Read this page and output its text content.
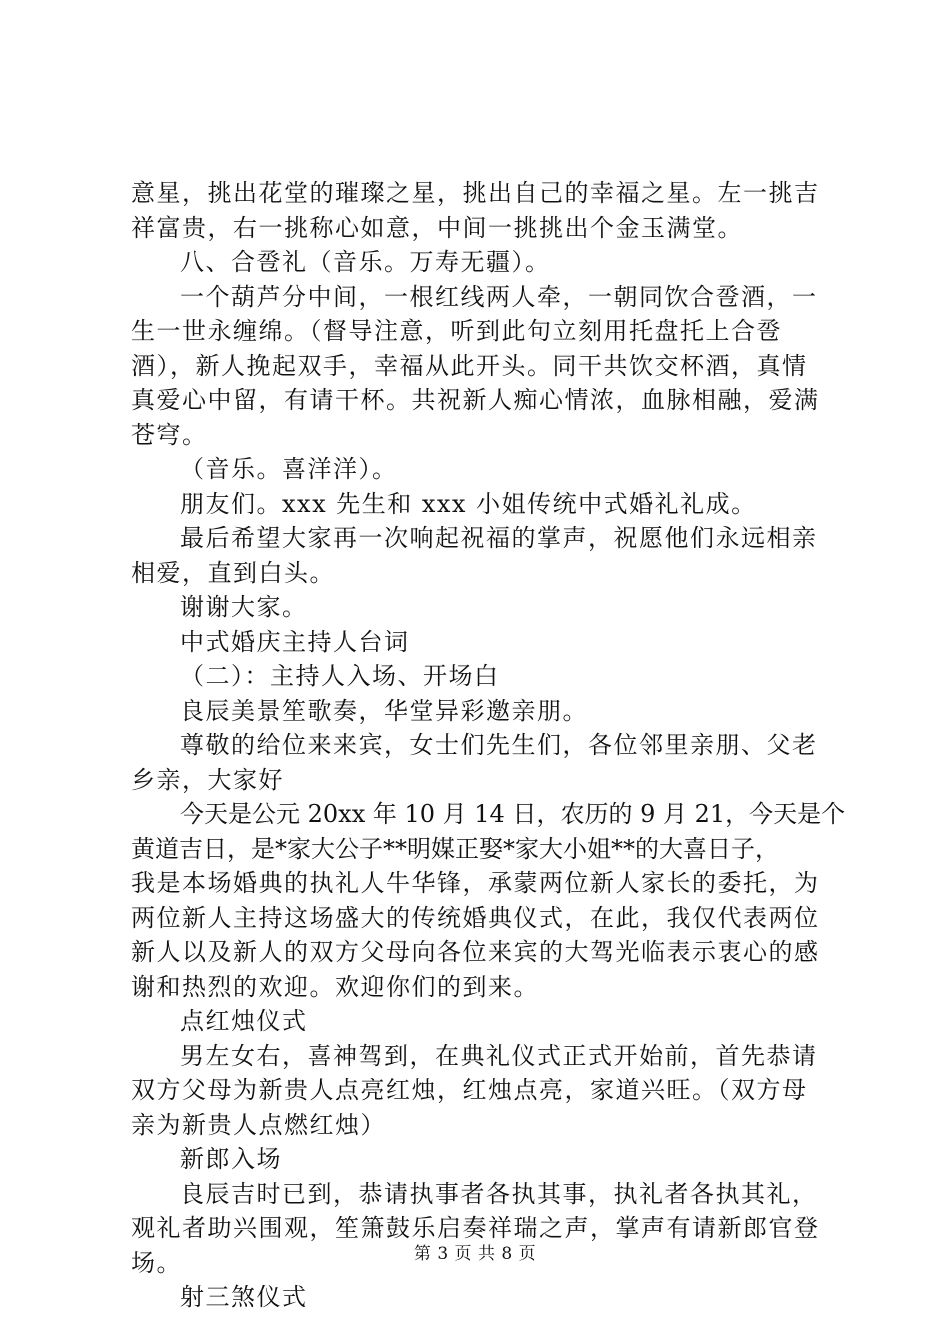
意星，挑出花堂的璀璨之星，挑出自己的幸福之星。左一挑吉
祥富贵，右一挑称心如意，中间一挑挑出个金玉满堂。
八、合卺礼（音乐。万寿无疆）。
一个葫芦分中间，一根红线两人牵，一朝同饮合卺酒，一
生一世永缠绵。（督导注意，听到此句立刻用托盘托上合卺
酒），新人挽起双手，幸福从此开头。同干共饮交杯酒，真情
真爱心中留，有请干杯。共祝新人痴心情浓，血脉相融，爱满
苍穹。
（音乐。喜洋洋）。
朋友们。xxx 先生和 xxx 小姐传统中式婚礼礼成。
最后希望大家再一次响起祝福的掌声，祝愿他们永远相亲
相爱，直到白头。
谢谢大家。
中式婚庆主持人台词
（二）：主持人入场、开场白
良辰美景笙歌奏，华堂异彩邀亲朋。
尊敬的给位来来宾，女士们先生们，各位邻里亲朋、父老
乡亲，大家好
今天是公元 20xx 年 10 月 14 日，农历的 9 月 21，今天是个
黄道吉日，是*家大公子**明媒正娶*家大小姐**的大喜日子，
我是本场婚典的执礼人牛华锋，承蒙两位新人家长的委托，为
两位新人主持这场盛大的传统婚典仪式，在此，我仅代表两位
新人以及新人的双方父母向各位来宾的大驾光临表示衷心的感
谢和热烈的欢迎。欢迎你们的到来。
点红烛仪式
男左女右，喜神驾到，在典礼仪式正式开始前，首先恭请
双方父母为新贵人点亮红烛，红烛点亮，家道兴旺。（双方母
亲为新贵人点燃红烛）
新郎入场
良辰吉时已到，恭请执事者各执其事，执礼者各执其礼，
观礼者助兴围观，笙箫鼓乐启奏祥瑞之声，掌声有请新郎官登
场。
射三煞仪式
第 3 页 共 8 页
